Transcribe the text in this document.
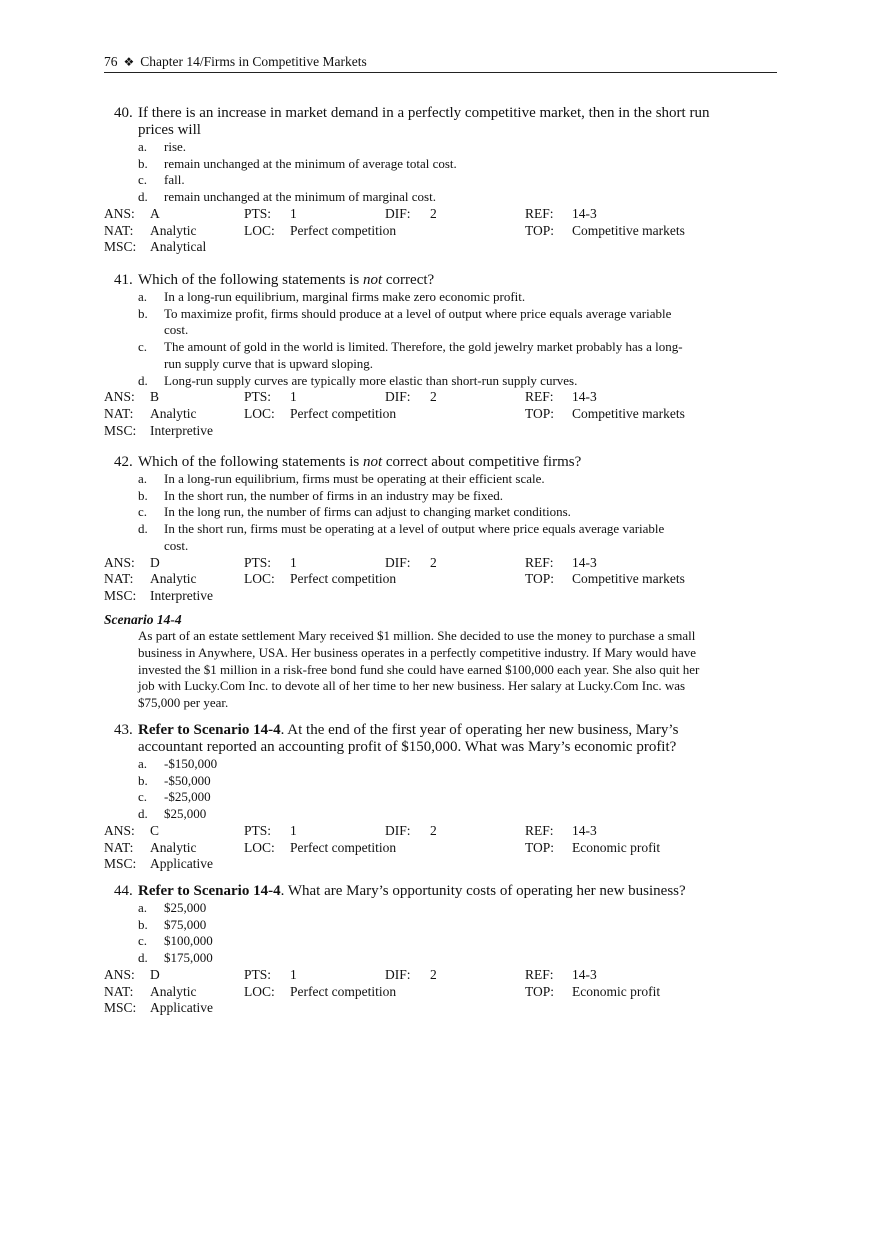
76 ❖ Chapter 14/Firms in Competitive Markets
40. If there is an increase in market demand in a perfectly competitive market, then in the short run
prices will
a. rise.
b. remain unchanged at the minimum of average total cost.
c. fall.
d. remain unchanged at the minimum of marginal cost.
ANS: A	PTS: 1	DIF: 2	REF: 14-3
NAT: Analytic	LOC: Perfect competition	TOP: Competitive markets
MSC: Analytical
41. Which of the following statements is not correct?
a. In a long-run equilibrium, marginal firms make zero economic profit.
b. To maximize profit, firms should produce at a level of output where price equals average variable
cost.
c. The amount of gold in the world is limited. Therefore, the gold jewelry market probably has a long-
run supply curve that is upward sloping.
d. Long-run supply curves are typically more elastic than short-run supply curves.
ANS: B	PTS: 1	DIF: 2	REF: 14-3
NAT: Analytic	LOC: Perfect competition	TOP: Competitive markets
MSC: Interpretive
42. Which of the following statements is not correct about competitive firms?
a. In a long-run equilibrium, firms must be operating at their efficient scale.
b. In the short run, the number of firms in an industry may be fixed.
c. In the long run, the number of firms can adjust to changing market conditions.
d. In the short run, firms must be operating at a level of output where price equals average variable
cost.
ANS: D	PTS: 1	DIF: 2	REF: 14-3
NAT: Analytic	LOC: Perfect competition	TOP: Competitive markets
MSC: Interpretive
Scenario 14-4
As part of an estate settlement Mary received $1 million. She decided to use the money to purchase a small
business in Anywhere, USA. Her business operates in a perfectly competitive industry. If Mary would have
invested the $1 million in a risk-free bond fund she could have earned $100,000 each year. She also quit her
job with Lucky.Com Inc. to devote all of her time to her new business. Her salary at Lucky.Com Inc. was
$75,000 per year.
43. Refer to Scenario 14-4. At the end of the first year of operating her new business, Mary’s
accountant reported an accounting profit of $150,000. What was Mary’s economic profit?
a. -$150,000
b. -$50,000
c. -$25,000
d. $25,000
ANS: C	PTS: 1	DIF: 2	REF: 14-3
NAT: Analytic	LOC: Perfect competition	TOP: Economic profit
MSC: Applicative
44. Refer to Scenario 14-4. What are Mary’s opportunity costs of operating her new business?
a. $25,000
b. $75,000
c. $100,000
d. $175,000
ANS: D	PTS: 1	DIF: 2	REF: 14-3
NAT: Analytic	LOC: Perfect competition	TOP: Economic profit
MSC: Applicative
